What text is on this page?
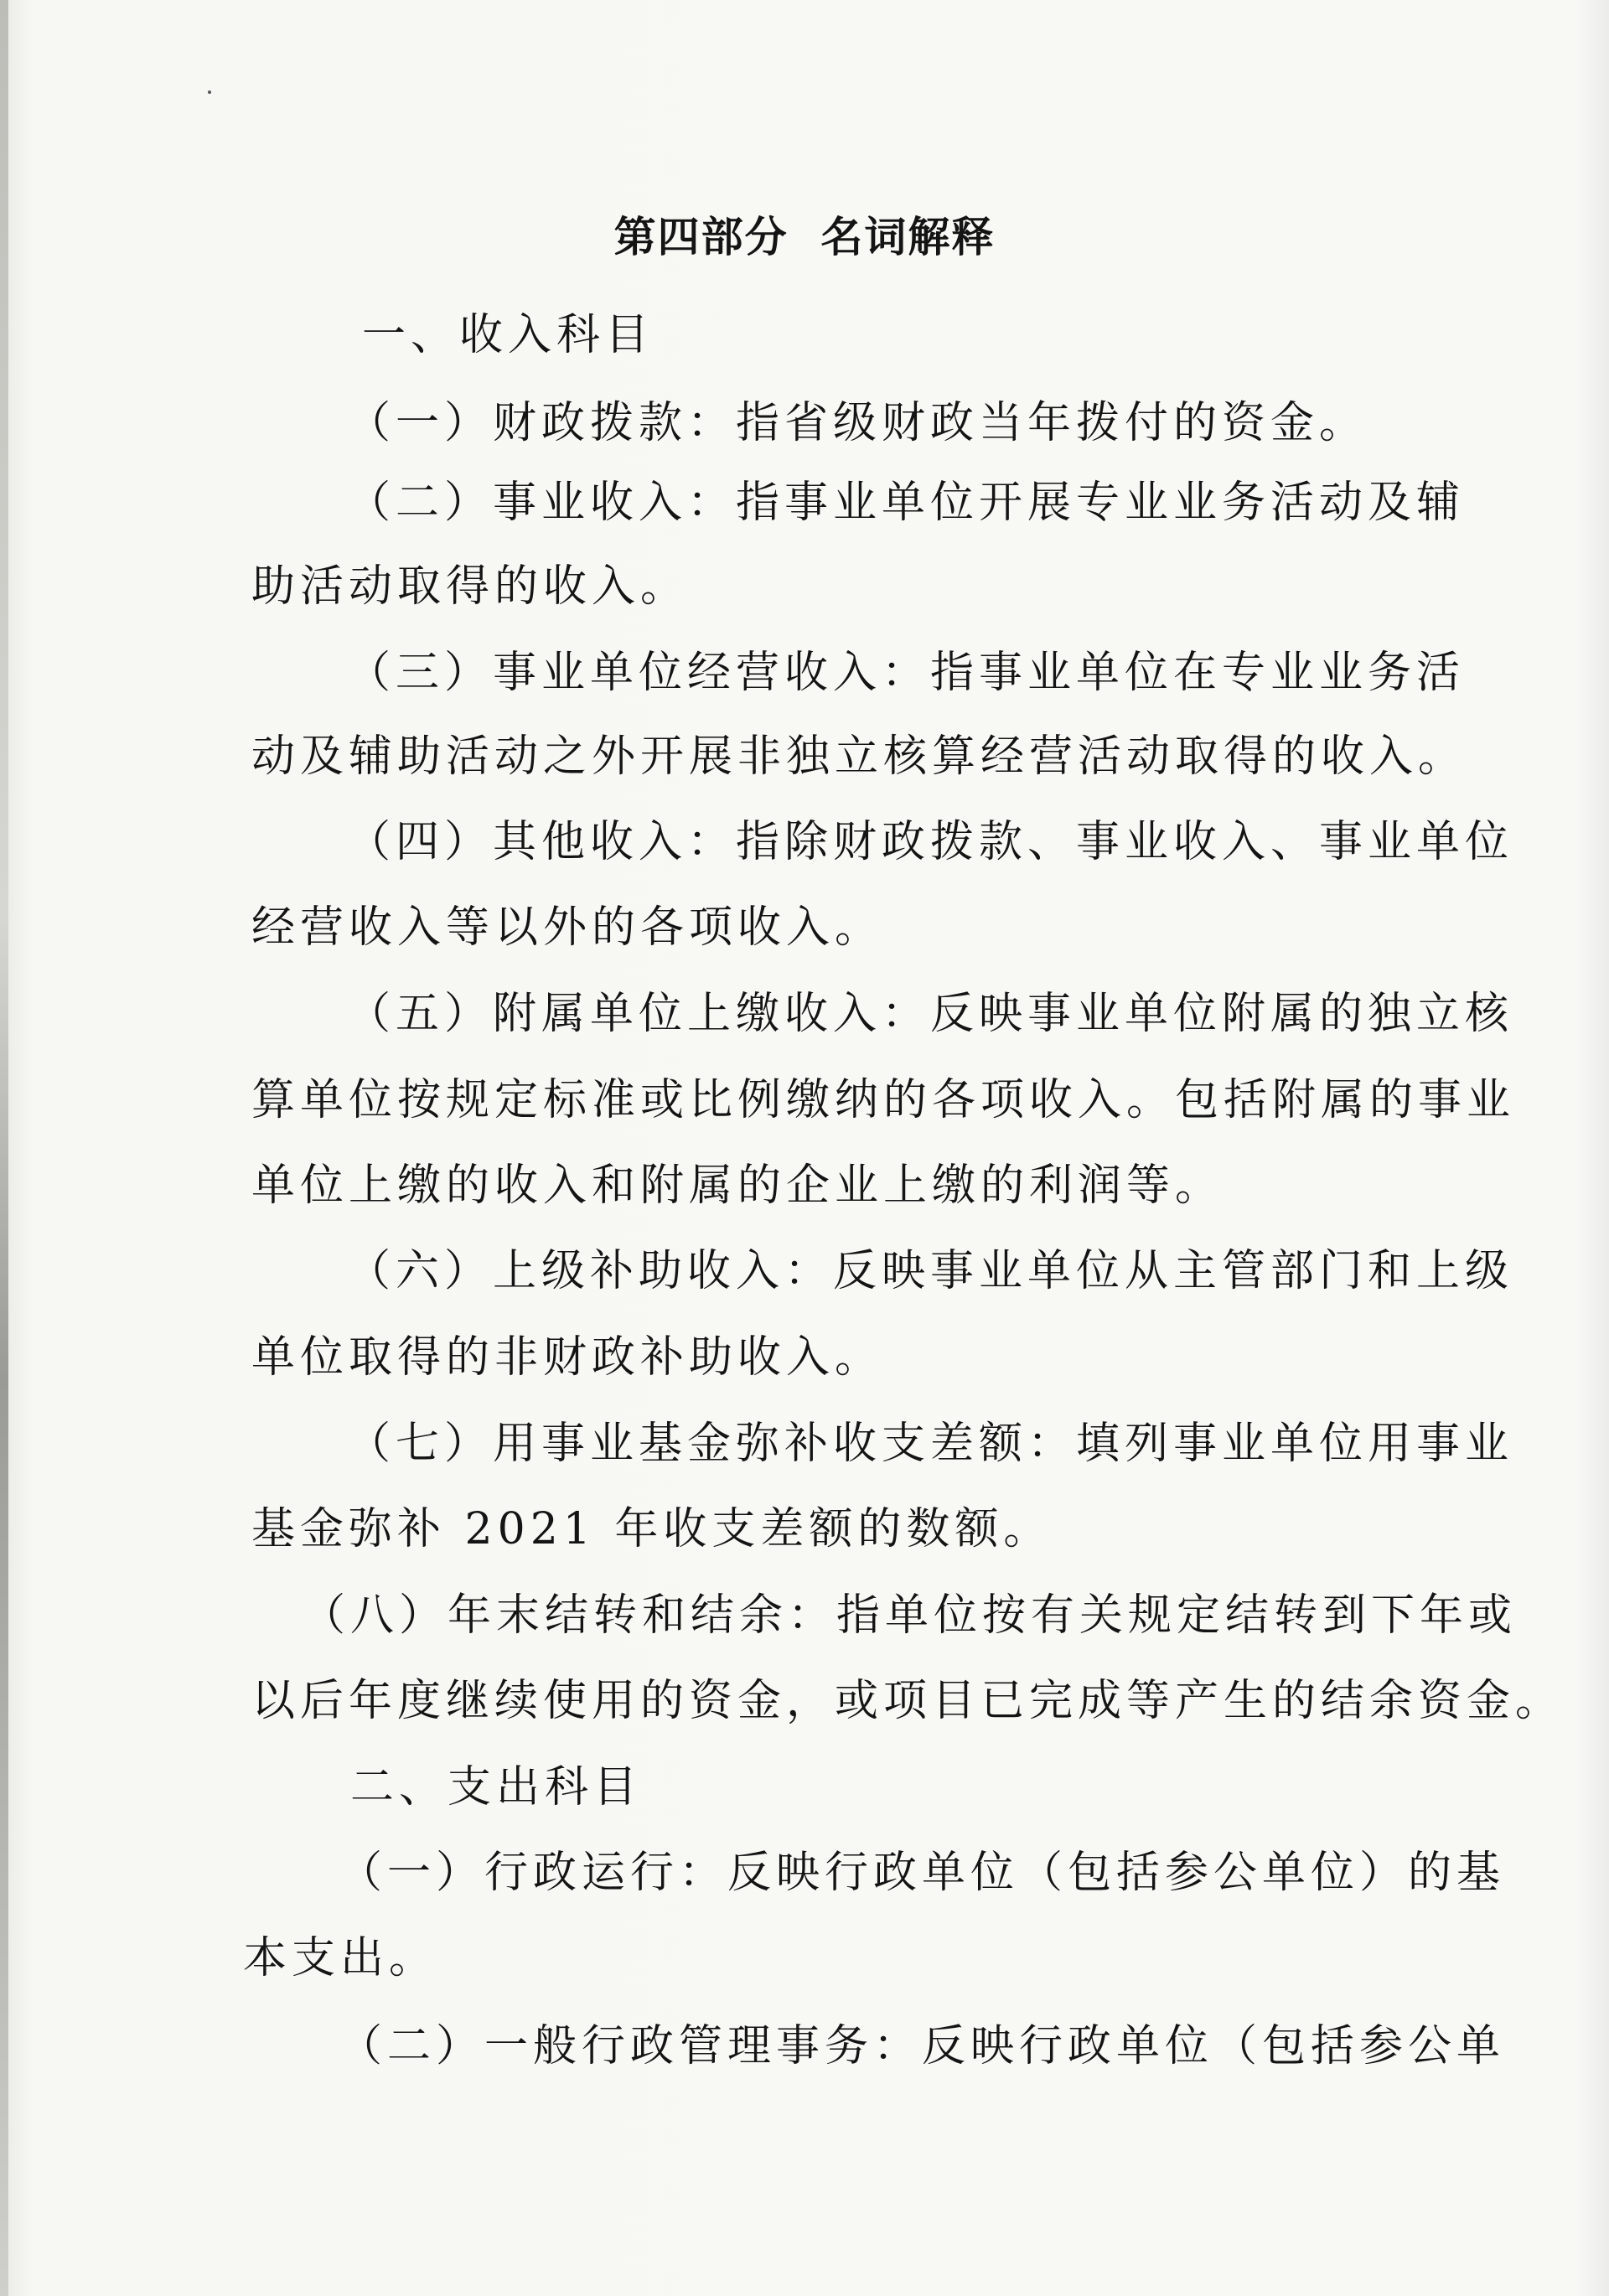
第四部分  名词解释
一、收入科目
（一）财政拨款：指省级财政当年拨付的资金。
（二）事业收入：指事业单位开展专业业务活动及辅
助活动取得的收入。
（三）事业单位经营收入：指事业单位在专业业务活
动及辅助活动之外开展非独立核算经营活动取得的收入。
（四）其他收入：指除财政拨款、事业收入、事业单位
经营收入等以外的各项收入。
（五）附属单位上缴收入：反映事业单位附属的独立核
算单位按规定标准或比例缴纳的各项收入。包括附属的事业
单位上缴的收入和附属的企业上缴的利润等。
（六）上级补助收入：反映事业单位从主管部门和上级
单位取得的非财政补助收入。
（七）用事业基金弥补收支差额：填列事业单位用事业
基金弥补 2021 年收支差额的数额。
（八）年末结转和结余：指单位按有关规定结转到下年或
以后年度继续使用的资金，或项目已完成等产生的结余资金。
二、支出科目
（一）行政运行：反映行政单位（包括参公单位）的基
本支出。
（二）一般行政管理事务：反映行政单位（包括参公单
